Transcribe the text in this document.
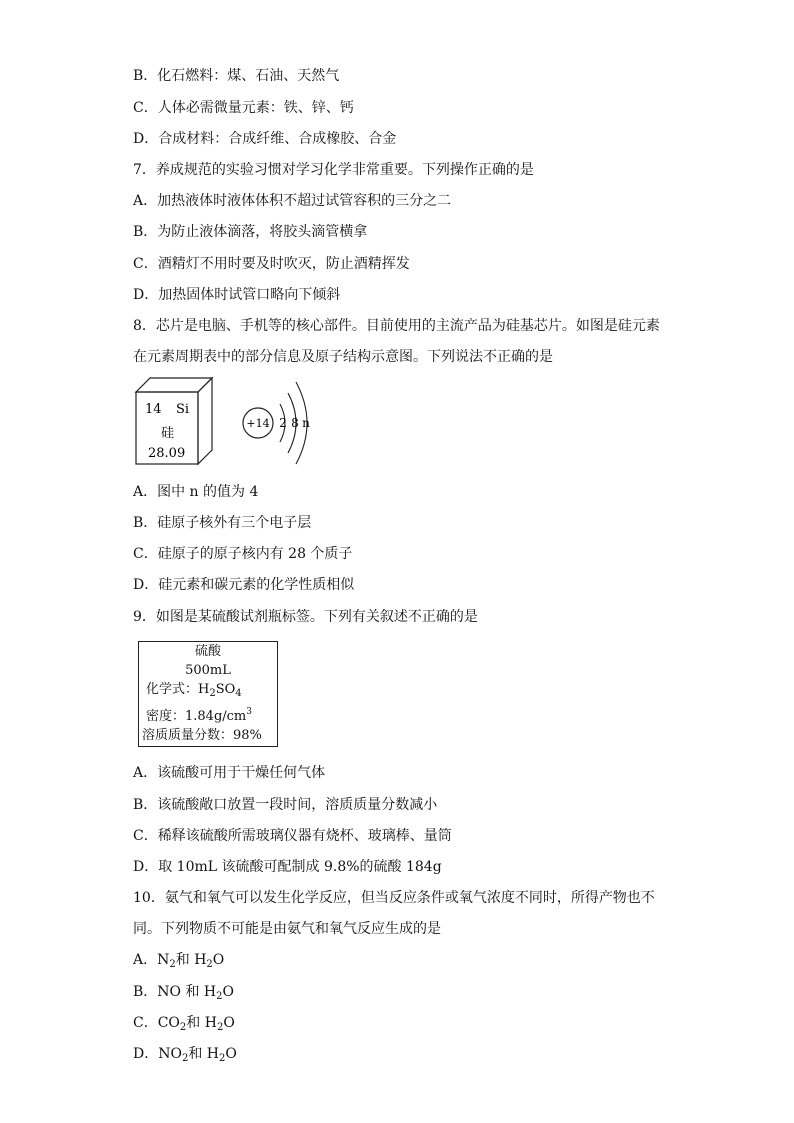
B．化石燃料：煤、石油、天然气
C．人体必需微量元素：铁、锌、钙
D．合成材料：合成纤维、合成橡胶、合金
7．养成规范的实验习惯对学习化学非常重要。下列操作正确的是
A．加热液体时液体体积不超过试管容积的三分之二
B．为防止液体滴落，将胶头滴管横拿
C．酒精灯不用时要及时吹灭，防止酒精挥发
D．加热固体时试管口略向下倾斜
8．芯片是电脑、手机等的核心部件。目前使用的主流产品为硅基芯片。如图是硅元素
在元素周期表中的部分信息及原子结构示意图。下列说法不正确的是
14 Si
硅
28.09
+14 2 8 n
A．图中 n 的值为 4
B．硅原子核外有三个电子层
C．硅原子的原子核内有 28 个质子
D．硅元素和碳元素的化学性质相似
9．如图是某硫酸试剂瓶标签。下列有关叙述不正确的是
硫酸
500mL
化学式：$H_2SO_4$
密度：$1.84g/cm^3$
溶质质量分数：98%
A．该硫酸可用于干燥任何气体
B．该硫酸敞口放置一段时间，溶质质量分数减小
C．稀释该硫酸所需玻璃仪器有烧杯、玻璃棒、量筒
D．取 10mL 该硫酸可配制成 9.8%的硫酸 184g
10．氨气和氧气可以发生化学反应，但当反应条件或氧气浓度不同时，所得产物也不
同。下列物质不可能是由氨气和氧气反应生成的是
A．$N_2$和 $H_2O$
B．NO 和 $H_2O$
C．$CO_2$和 $H_2O$
D．$NO_2$和 $H_2O$
